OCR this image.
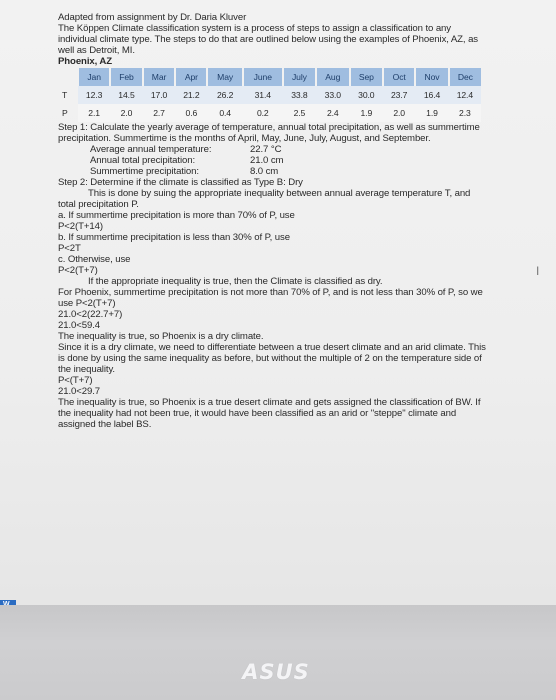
Adapted from assignment by Dr. Daria Kluver

The Köppen Climate classification system is a process of steps to assign a classification to any individual climate type. The steps to do that are outlined below using the examples of Phoenix, AZ, as well as Detroit, MI.

Phoenix, AZ

	Jan	Feb	Mar	Apr	May	June	July	Aug	Sep	Oct	Nov	Dec
T	12.3	14.5	17.0	21.2	26.2	31.4	33.8	33.0	30.0	23.7	16.4	12.4
P	2.1	2.0	2.7	0.6	0.4	0.2	2.5	2.4	1.9	2.0	1.9	2.3

Step 1: Calculate the yearly average of temperature, annual total precipitation, as well as summertime precipitation. Summertime is the months of April, May, June, July, August, and September.

Average annual temperature:	22.7 °C
Annual total precipitation:	21.0 cm
Summertime precipitation:	8.0 cm

Step 2: Determine if the climate is classified as Type B: Dry

This is done by suing the appropriate inequality between annual average temperature T, and total precipitation P.

a. If summertime precipitation is more than 70% of P, use

P<2(T+14)

b. If summertime precipitation is less than 30% of P, use

P<2T

c. Otherwise, use

P<2(T+7)

If the appropriate inequality is true, then the Climate is classified as dry.

For Phoenix, summertime precipitation is not more than 70% of P, and is not less than 30% of P, so we use P<2(T+7)

21.0<2(22.7+7)

21.0<59.4

The inequality is true, so Phoenix is a dry climate.

Since it is a dry climate, we need to differentiate between a true desert climate and an arid climate. This is done by using the same inequality as before, but without the multiple of 2 on the temperature side of the inequality.

P<(T+7)

21.0<29.7

The inequality is true, so Phoenix is a true desert climate and gets assigned the classification of BW. If the inequality had not been true, it would have been classified as an arid or "steppe" climate and assigned the label BS.

Ι
ASUS
